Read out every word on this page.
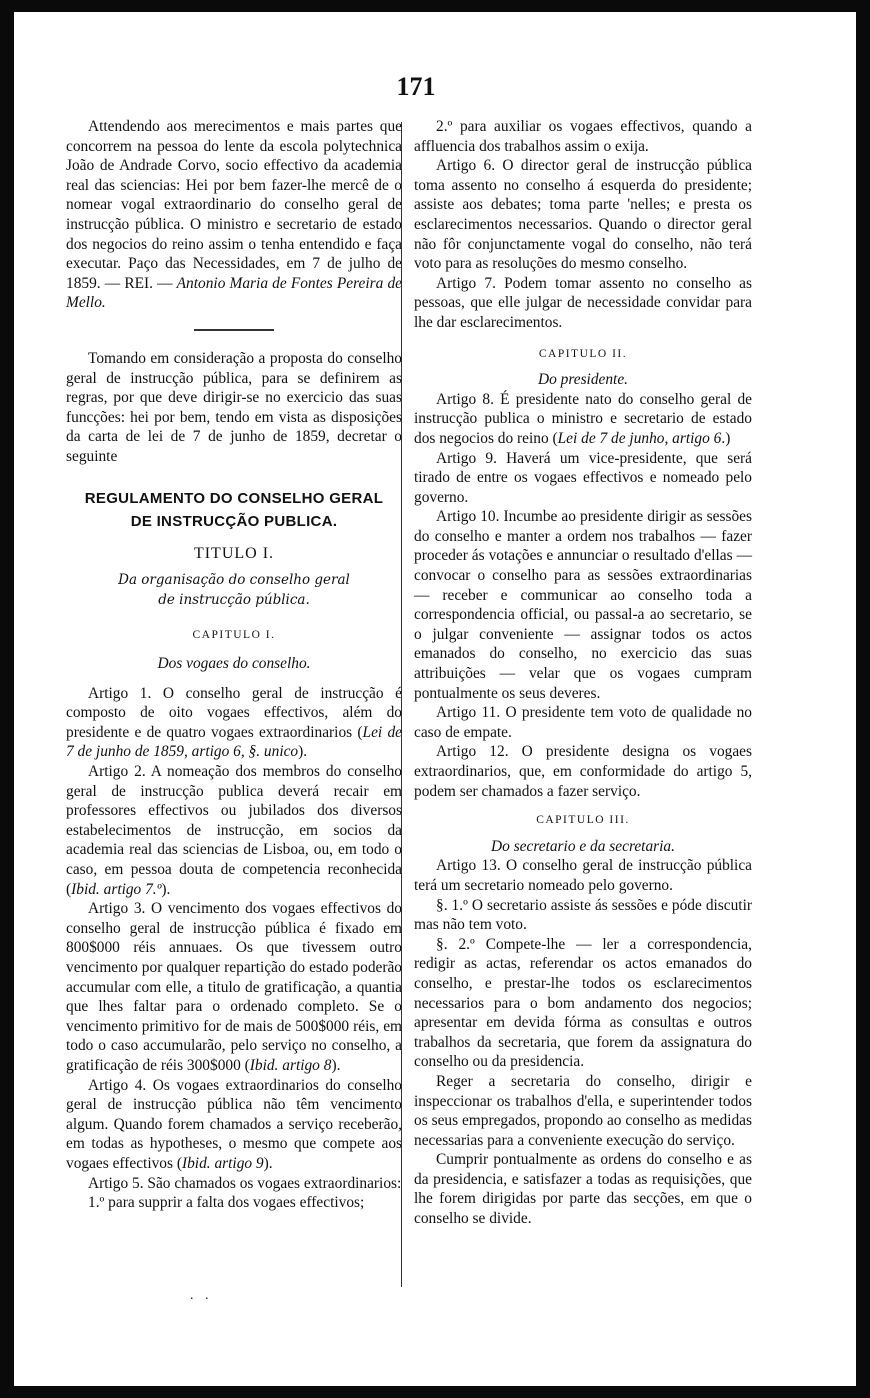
171

Attendendo aos merecimentos e mais partes que concorrem na pessoa do lente da escola polytechnica João de Andrade Corvo, socio effectivo da academia real das sciencias: Hei por bem fazer-lhe mercê de o nomear vogal extraordinario do conselho geral de instrucção pública. O ministro e secretario de estado dos negocios do reino assim o tenha entendido e faça executar. Paço das Necessidades, em 7 de julho de 1859. — REI. — Antonio Maria de Fontes Pereira de Mello.

Tomando em consideração a proposta do conselho geral de instrucção pública, para se definirem as regras, por que deve dirigir-se no exercicio das suas funcções: hei por bem, tendo em vista as disposições da carta de lei de 7 de junho de 1859, decretar o seguinte

REGULAMENTO DO CONSELHO GERAL

DE INSTRUCÇÃO PUBLICA.

TITULO I.

Da organisação do conselho geral

de instrucção pública.

CAPITULO I.

Dos vogaes do conselho.

Artigo 1. O conselho geral de instrucção é composto de oito vogaes effectivos, além do presidente e de quatro vogaes extraordinarios (Lei de 7 de junho de 1859, artigo 6, §. unico).

Artigo 2. A nomeação dos membros do conselho geral de instrucção publica deverá recair em professores effectivos ou jubilados dos diversos estabelecimentos de instrucção, em socios da academia real das sciencias de Lisboa, ou, em todo o caso, em pessoa douta de competencia reconhecida (Ibid. artigo 7.º).

Artigo 3. O vencimento dos vogaes effectivos do conselho geral de instrucção pública é fixado em 800$000 réis annuaes. Os que tivessem outro vencimento por qualquer repartição do estado poderão accumular com elle, a titulo de gratificação, a quantia que lhes faltar para o ordenado completo. Se o vencimento primitivo for de mais de 500$000 réis, em todo o caso accumularão, pelo serviço no conselho, a gratificação de réis 300$000 (Ibid. artigo 8).

Artigo 4. Os vogaes extraordinarios do conselho geral de instrucção pública não têm vencimento algum. Quando forem chamados a serviço receberão, em todas as hypotheses, o mesmo que compete aos vogaes effectivos (Ibid. artigo 9).

Artigo 5. São chamados os vogaes extraordinarios:

1.º para supprir a falta dos vogaes effectivos;

2.º para auxiliar os vogaes effectivos, quando a affluencia dos trabalhos assim o exija.

Artigo 6. O director geral de instrucção pública toma assento no conselho á esquerda do presidente; assiste aos debates; toma parte 'nelles; e presta os esclarecimentos necessarios. Quando o director geral não fôr conjunctamente vogal do conselho, não terá voto para as resoluções do mesmo conselho.

Artigo 7. Podem tomar assento no conselho as pessoas, que elle julgar de necessidade convidar para lhe dar esclarecimentos.

CAPITULO II.

Do presidente.

Artigo 8. É presidente nato do conselho geral de instrucção publica o ministro e secretario de estado dos negocios do reino (Lei de 7 de junho, artigo 6.)

Artigo 9. Haverá um vice-presidente, que será tirado de entre os vogaes effectivos e nomeado pelo governo.

Artigo 10. Incumbe ao presidente dirigir as sessões do conselho e manter a ordem nos trabalhos — fazer proceder ás votações e annunciar o resultado d'ellas — convocar o conselho para as sessões extraordinarias — receber e communicar ao conselho toda a correspondencia official, ou passal-a ao secretario, se o julgar conveniente — assignar todos os actos emanados do conselho, no exercicio das suas attribuições — velar que os vogaes cumpram pontualmente os seus deveres.

Artigo 11. O presidente tem voto de qualidade no caso de empate.

Artigo 12. O presidente designa os vogaes extraordinarios, que, em conformidade do artigo 5, podem ser chamados a fazer serviço.

CAPITULO III.

Do secretario e da secretaria.

Artigo 13. O conselho geral de instrucção pública terá um secretario nomeado pelo governo.

§. 1.º O secretario assiste ás sessões e póde discutir mas não tem voto.

§. 2.º Compete-lhe — ler a correspondencia, redigir as actas, referendar os actos emanados do conselho, e prestar-lhe todos os esclarecimentos necessarios para o bom andamento dos negocios; apresentar em devida fórma as consultas e outros trabalhos da secretaria, que forem da assignatura do conselho ou da presidencia.

Reger a secretaria do conselho, dirigir e inspeccionar os trabalhos d'ella, e superintender todos os seus empregados, propondo ao conselho as medidas necessarias para a conveniente execução do serviço.

Cumprir pontualmente as ordens do conselho e as da presidencia, e satisfazer a todas as requisições, que lhe forem dirigidas por parte das secções, em que o conselho se divide.

. .
